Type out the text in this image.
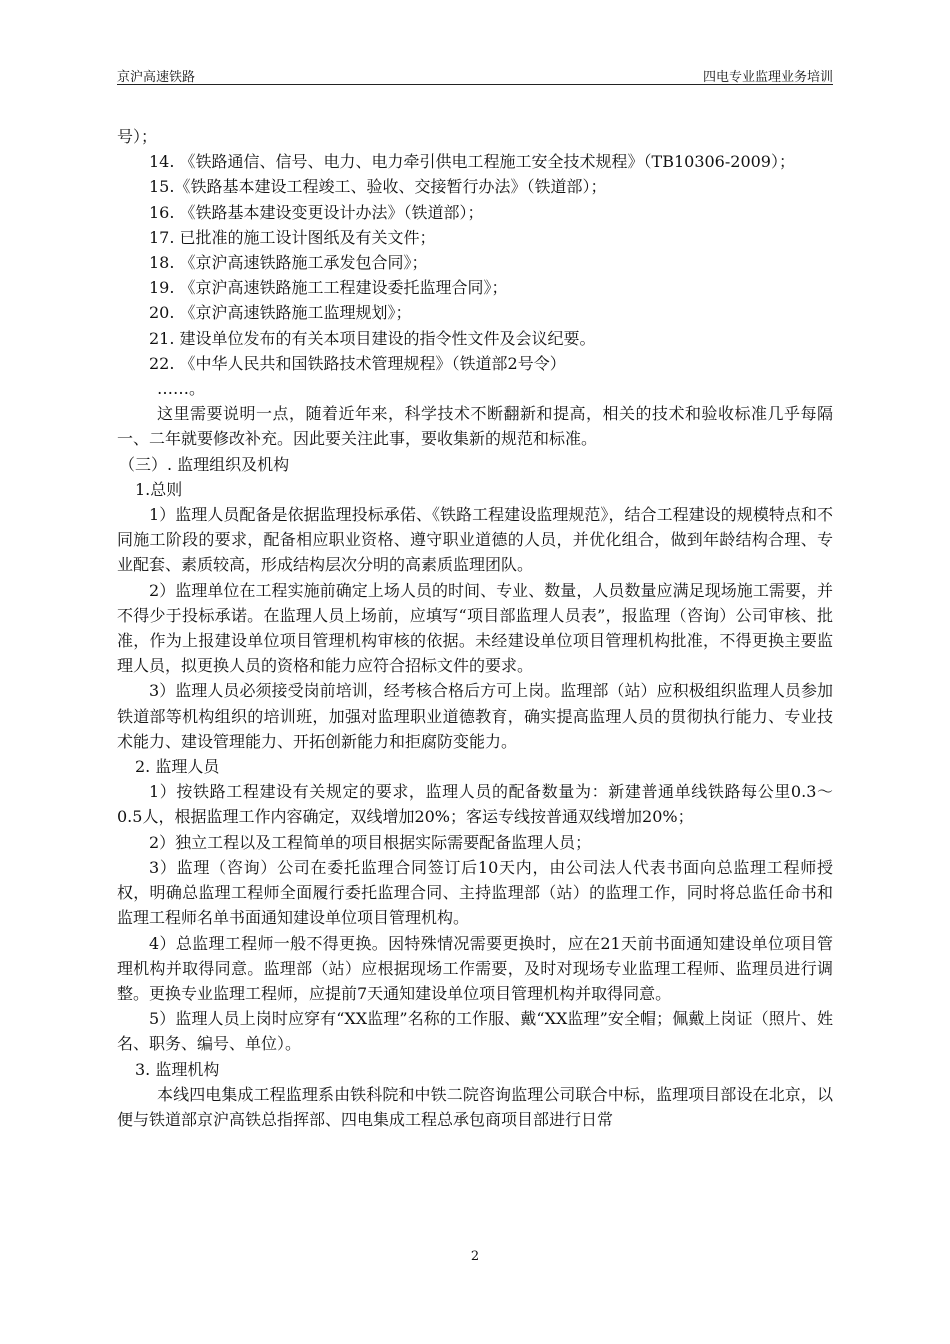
京沪高速铁路	四电专业监理业务培训

号）；

14. 《铁路通信、信号、电力、电力牵引供电工程施工安全技术规程》（TB10306-2009）；

15.《铁路基本建设工程竣工、验收、交接暂行办法》（铁道部）；

16. 《铁路基本建设变更设计办法》（铁道部）；

17. 已批准的施工设计图纸及有关文件；

18. 《京沪高速铁路施工承发包合同》；

19. 《京沪高速铁路施工工程建设委托监理合同》；

20. 《京沪高速铁路施工监理规划》；

21. 建设单位发布的有关本项目建设的指令性文件及会议纪要。

22. 《中华人民共和国铁路技术管理规程》（铁道部2号令）

……。

这里需要说明一点，随着近年来，科学技术不断翻新和提高，相关的技术和验收标准几乎每隔一、二年就要修改补充。因此要关注此事，要收集新的规范和标准。

（三）. 监理组织及机构

1.总则

1）监理人员配备是依据监理投标承偌、《铁路工程建设监理规范》，结合工程建设的规模特点和不同施工阶段的要求，配备相应职业资格、遵守职业道德的人员，并优化组合，做到年龄结构合理、专业配套、素质较高，形成结构层次分明的高素质监理团队。

2）监理单位在工程实施前确定上场人员的时间、专业、数量，人员数量应满足现场施工需要，并不得少于投标承诺。在监理人员上场前，应填写“项目部监理人员表”，报监理（咨询）公司审核、批准，作为上报建设单位项目管理机构审核的依据。未经建设单位项目管理机构批准，不得更换主要监理人员，拟更换人员的资格和能力应符合招标文件的要求。

3）监理人员必须接受岗前培训，经考核合格后方可上岗。监理部（站）应积极组织监理人员参加铁道部等机构组织的培训班，加强对监理职业道德教育，确实提高监理人员的贯彻执行能力、专业技术能力、建设管理能力、开拓创新能力和拒腐防变能力。

2. 监理人员

1）按铁路工程建设有关规定的要求，监理人员的配备数量为：新建普通单线铁路每公里0.3～0.5人，根据监理工作内容确定，双线增加20%；客运专线按普通双线增加20%；

2）独立工程以及工程简单的项目根据实际需要配备监理人员；

3）监理（咨询）公司在委托监理合同签订后10天内，由公司法人代表书面向总监理工程师授权，明确总监理工程师全面履行委托监理合同、主持监理部（站）的监理工作，同时将总监任命书和监理工程师名单书面通知建设单位项目管理机构。

4）总监理工程师一般不得更换。因特殊情况需要更换时，应在21天前书面通知建设单位项目管理机构并取得同意。监理部（站）应根据现场工作需要，及时对现场专业监理工程师、监理员进行调整。更换专业监理工程师，应提前7天通知建设单位项目管理机构并取得同意。

5）监理人员上岗时应穿有“XX监理”名称的工作服、戴“XX监理”安全帽；佩戴上岗证（照片、姓名、职务、编号、单位）。

3. 监理机构

本线四电集成工程监理系由铁科院和中铁二院咨询监理公司联合中标，监理项目部设在北京，以便与铁道部京沪高铁总指挥部、四电集成工程总承包商项目部进行日常

2
